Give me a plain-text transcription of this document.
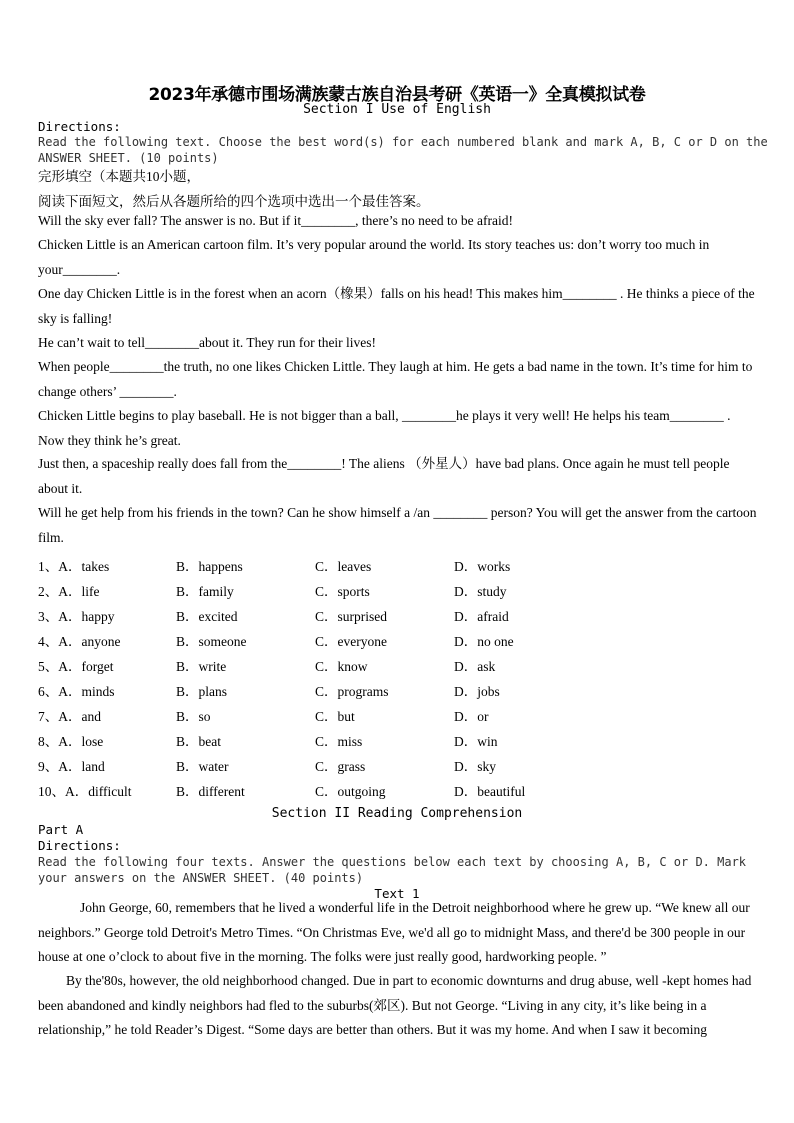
2023年承德市围场满族蒙古族自治县考研《英语一》全真模拟试卷
Section I Use of English
Directions:
Read the following text. Choose the best word(s) for each numbered blank and mark A, B, C or D on the
ANSWER SHEET. (10 points)
完形填空（本题共10小题，
阅读下面短文，然后从各题所给的四个选项中选出一个最佳答案。
Will the sky ever fall? The answer is no. But if it________, there’s no need to be afraid!
Chicken Little is an American cartoon film. It’s very popular around the world. Its story teaches us: don’t worry too much in your________.
One day Chicken Little is in the forest when an acorn（橡果）falls on his head! This makes him________ . He thinks a piece of the sky is falling!
He can’t wait to tell________about it. They run for their lives!
When people________the truth, no one likes Chicken Little. They laugh at him. He gets a bad name in the town. It’s time for him to change others’ ________.
Chicken Little begins to play baseball. He is not bigger than a ball, ________he plays it very well! He helps his team________ . Now they think he’s great.
Just then, a spaceship really does fall from the________! The aliens （外星人）have bad plans. Once again he must tell people about it.
Will he get help from his friends in the town? Can he show himself a /an ________ person? You will get the answer from the cartoon film.
1、A．takes	B．happens	C．leaves	D．works
2、A．life	B．family	C．sports	D．study
3、A．happy	B．excited	C．surprised	D．afraid
4、A．anyone	B．someone	C．everyone	D．no one
5、A．forget	B．write	C．know	D．ask
6、A．minds	B．plans	C．programs	D．jobs
7、A．and	B．so	C．but	D．or
8、A．lose	B．beat	C．miss	D．win
9、A．land	B．water	C．grass	D．sky
10、A．difficult	B．different	C．outgoing	D．beautiful
Section II Reading Comprehension
Part A
Directions:
Read the following four texts. Answer the questions below each text by choosing A, B, C or D. Mark
your answers on the ANSWER SHEET. (40 points)
Text 1
John George, 60, remembers that he lived a wonderful life in the Detroit neighborhood where he grew up. “We knew all our neighbors.” George told Detroit's Metro Times. “On Christmas Eve, we'd all go to midnight Mass, and there'd be 300 people in our house at one o’clock to about five in the morning. The folks were just really good, hardworking people. ”
By the'80s, however, the old neighborhood changed. Due in part to economic downturns and drug abuse, well -kept homes had been abandoned and kindly neighbors had fled to the suburbs(郊区). But not George. “Living in any city, it’s like being in a relationship,” he told Reader’s Digest. “Some days are better than others. But it was my home. And when I saw it becoming
